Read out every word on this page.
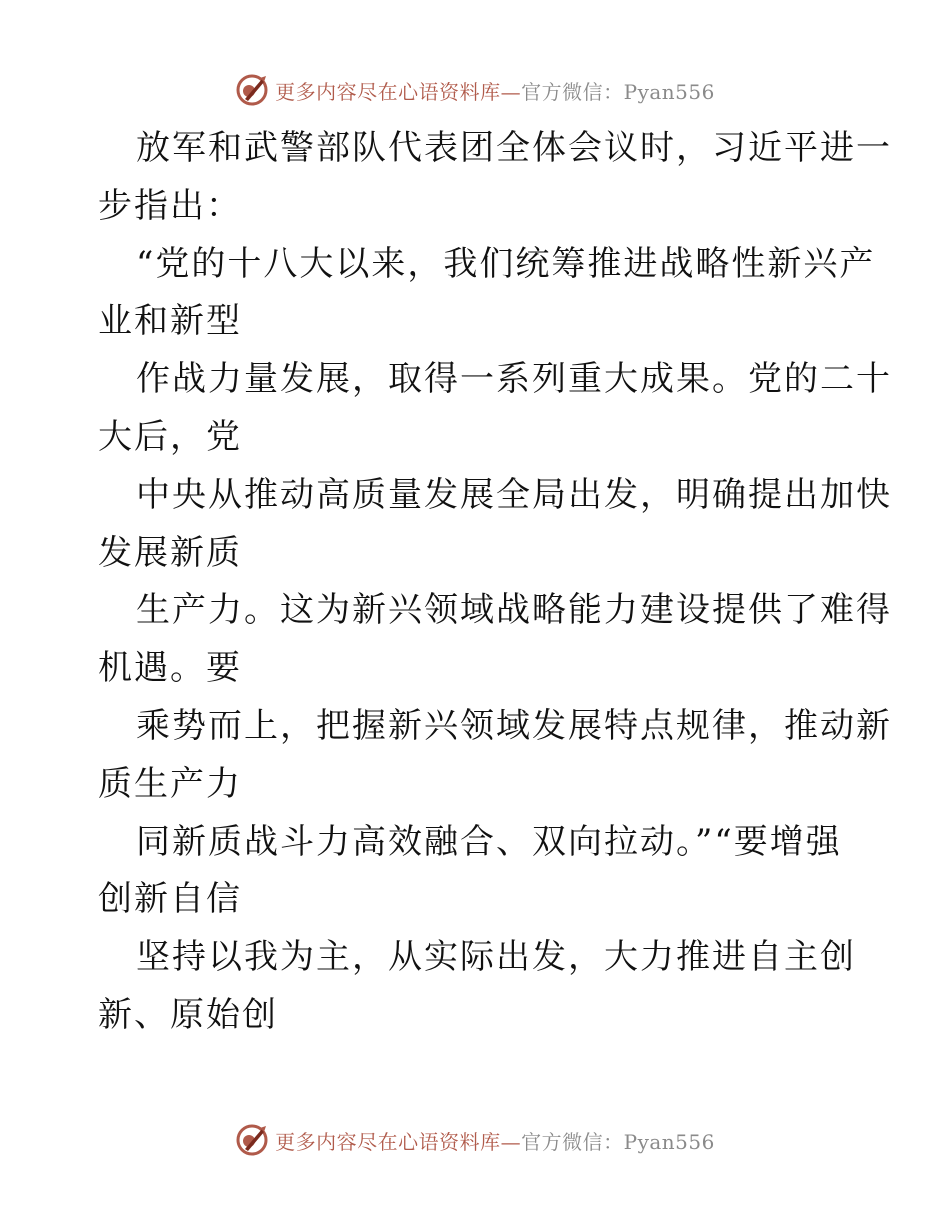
更多内容尽在心语资料库—官方微信：Pyan556
放军和武警部队代表团全体会议时，习近平进一
步指出：
“党的十八大以来，我们统筹推进战略性新兴产
业和新型
作战力量发展，取得一系列重大成果。党的二十
大后，党
中央从推动高质量发展全局出发，明确提出加快
发展新质
生产力。这为新兴领域战略能力建设提供了难得
机遇。要
乘势而上，把握新兴领域发展特点规律，推动新
质生产力
同新质战斗力高效融合、双向拉动。”“要增强
创新自信
坚持以我为主，从实际出发，大力推进自主创
新、原始创
更多内容尽在心语资料库—官方微信：Pyan556
